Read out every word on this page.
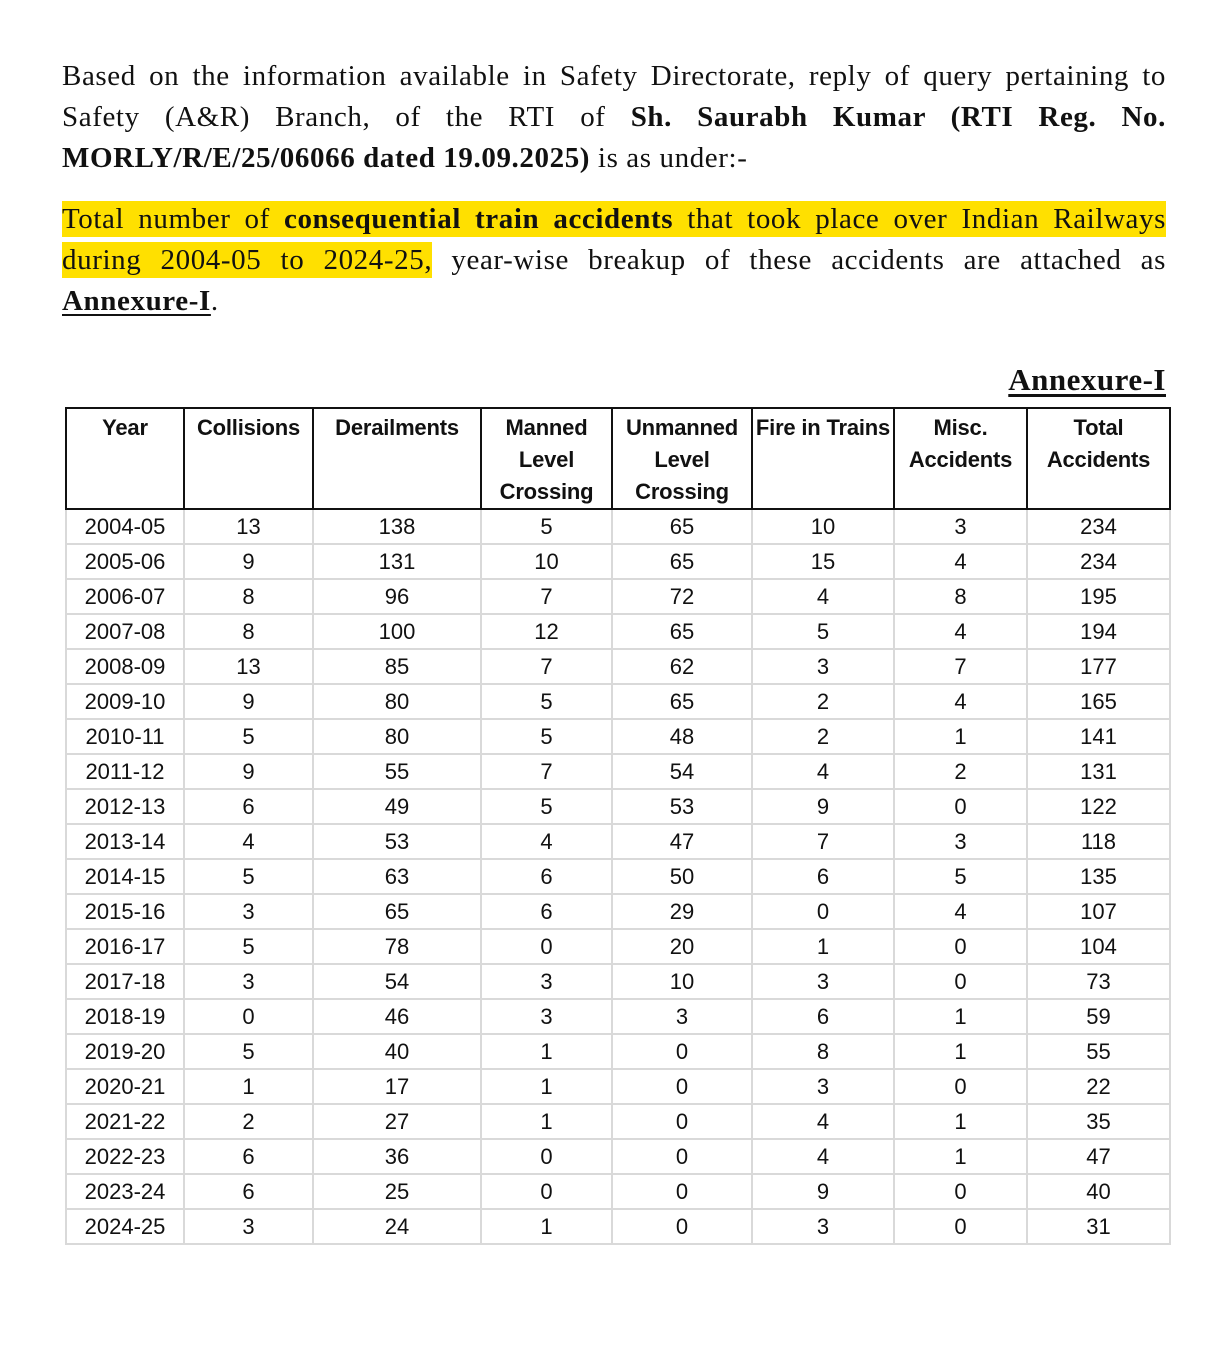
Based on the information available in Safety Directorate, reply of query pertaining to Safety (A&R) Branch, of the RTI of Sh. Saurabh Kumar (RTI Reg. No. MORLY/R/E/25/06066 dated 19.09.2025) is as under:-

Total number of consequential train accidents that took place over Indian Railways during 2004-05 to 2024-25, year-wise breakup of these accidents are attached as Annexure-I.

Annexure-I
Year	Collisions	Derailments	Manned Level Crossing	Unmanned Level Crossing	Fire in Trains	Misc. Accidents	Total Accidents
2004-05	13	138	5	65	10	3	234
2005-06	9	131	10	65	15	4	234
2006-07	8	96	7	72	4	8	195
2007-08	8	100	12	65	5	4	194
2008-09	13	85	7	62	3	7	177
2009-10	9	80	5	65	2	4	165
2010-11	5	80	5	48	2	1	141
2011-12	9	55	7	54	4	2	131
2012-13	6	49	5	53	9	0	122
2013-14	4	53	4	47	7	3	118
2014-15	5	63	6	50	6	5	135
2015-16	3	65	6	29	0	4	107
2016-17	5	78	0	20	1	0	104
2017-18	3	54	3	10	3	0	73
2018-19	0	46	3	3	6	1	59
2019-20	5	40	1	0	8	1	55
2020-21	1	17	1	0	3	0	22
2021-22	2	27	1	0	4	1	35
2022-23	6	36	0	0	4	1	47
2023-24	6	25	0	0	9	0	40
2024-25	3	24	1	0	3	0	31
